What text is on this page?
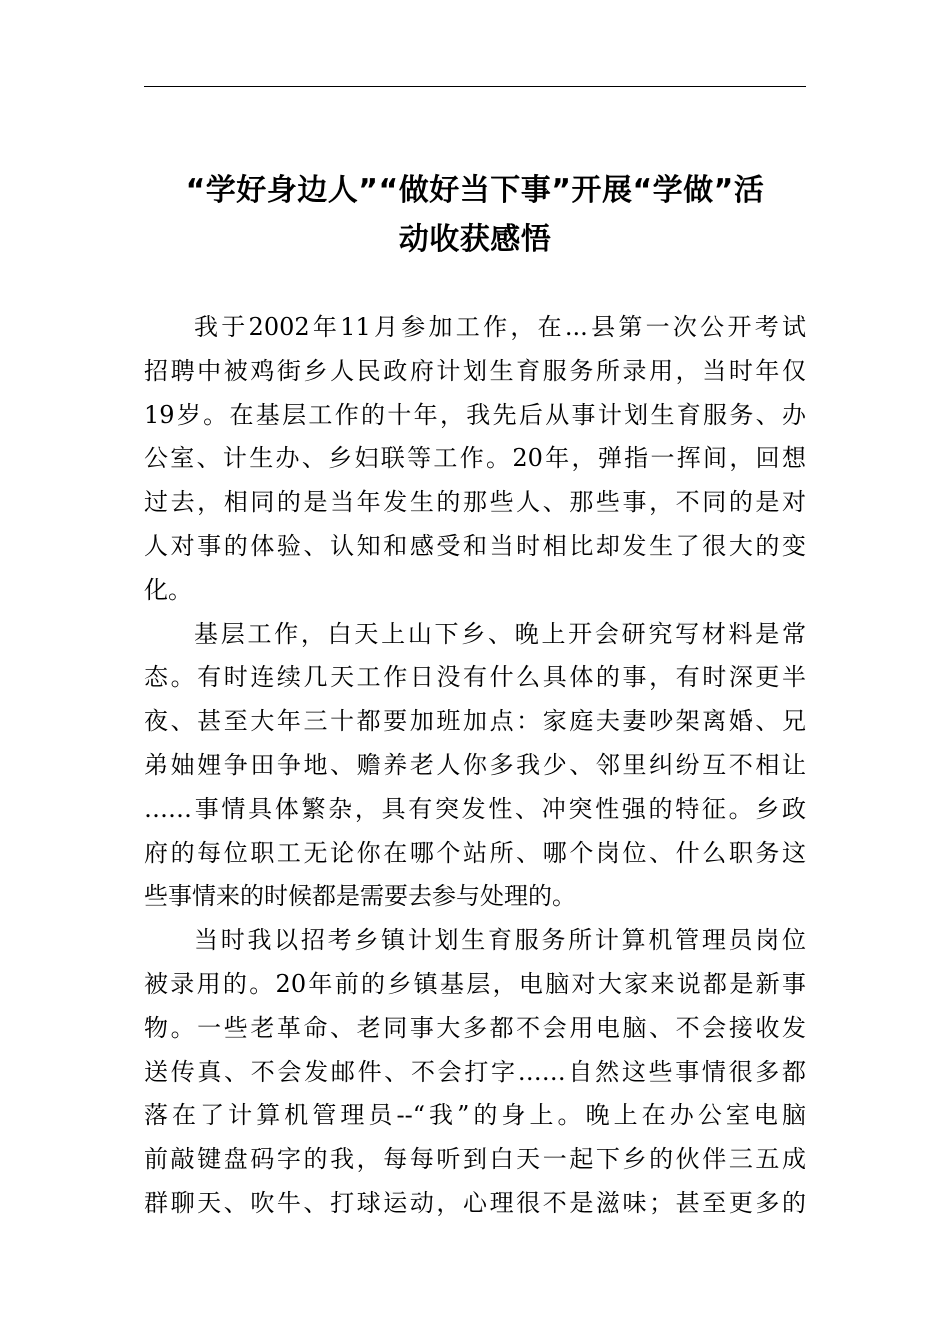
“学好身边人”“做好当下事”开展“学做”活
动收获感悟

我于2002年11月参加工作，在...县第一次公开考试
招聘中被鸡街乡人民政府计划生育服务所录用，当时年仅
19岁。在基层工作的十年，我先后从事计划生育服务、办
公室、计生办、乡妇联等工作。20年，弹指一挥间，回想
过去，相同的是当年发生的那些人、那些事，不同的是对
人对事的体验、认知和感受和当时相比却发生了很大的变
化。

基层工作，白天上山下乡、晚上开会研究写材料是常
态。有时连续几天工作日没有什么具体的事，有时深更半
夜、甚至大年三十都要加班加点：家庭夫妻吵架离婚、兄
弟妯娌争田争地、赡养老人你多我少、邻里纠纷互不相让
……事情具体繁杂，具有突发性、冲突性强的特征。乡政
府的每位职工无论你在哪个站所、哪个岗位、什么职务这
些事情来的时候都是需要去参与处理的。

当时我以招考乡镇计划生育服务所计算机管理员岗位
被录用的。20年前的乡镇基层，电脑对大家来说都是新事
物。一些老革命、老同事大多都不会用电脑、不会接收发
送传真、不会发邮件、不会打字……自然这些事情很多都
落在了计算机管理员--“我”的身上。晚上在办公室电脑
前敲键盘码字的我，每每听到白天一起下乡的伙伴三五成
群聊天、吹牛、打球运动，心理很不是滋味；甚至更多的
